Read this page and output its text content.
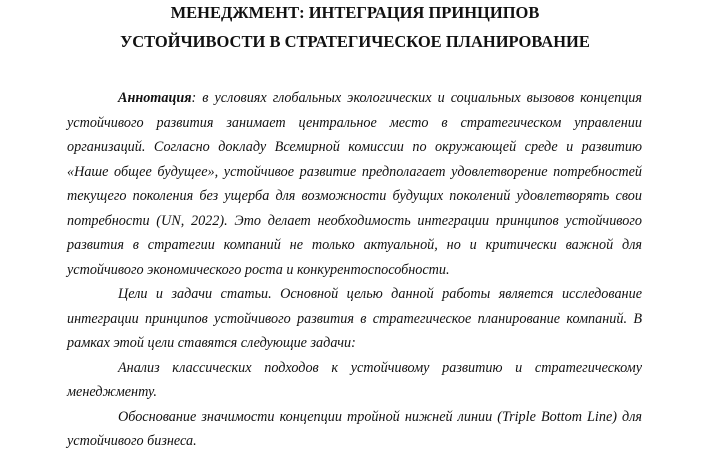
МЕНЕДЖМЕНТ: ИНТЕГРАЦИЯ ПРИНЦИПОВ
УСТОЙЧИВОСТИ В СТРАТЕГИЧЕСКОЕ ПЛАНИРОВАНИЕ

Аннотация: в условиях глобальных экологических и социальных вызовов концепция устойчивого развития занимает центральное место в стратегическом управлении организаций. Согласно докладу Всемирной комиссии по окружающей среде и развитию «Наше общее будущее», устойчивое развитие предполагает удовлетворение потребностей текущего поколения без ущерба для возможности будущих поколений удовлетворять свои потребности (UN, 2022). Это делает необходимость интеграции принципов устойчивого развития в стратегии компаний не только актуальной, но и критически важной для устойчивого экономического роста и конкурентоспособности.

Цели и задачи статьи. Основной целью данной работы является исследование интеграции принципов устойчивого развития в стратегическое планирование компаний. В рамках этой цели ставятся следующие задачи:

Анализ классических подходов к устойчивому развитию и стратегическому менеджменту.

Обоснование значимости концепции тройной нижней линии (Triple Bottom Line) для устойчивого бизнеса.
